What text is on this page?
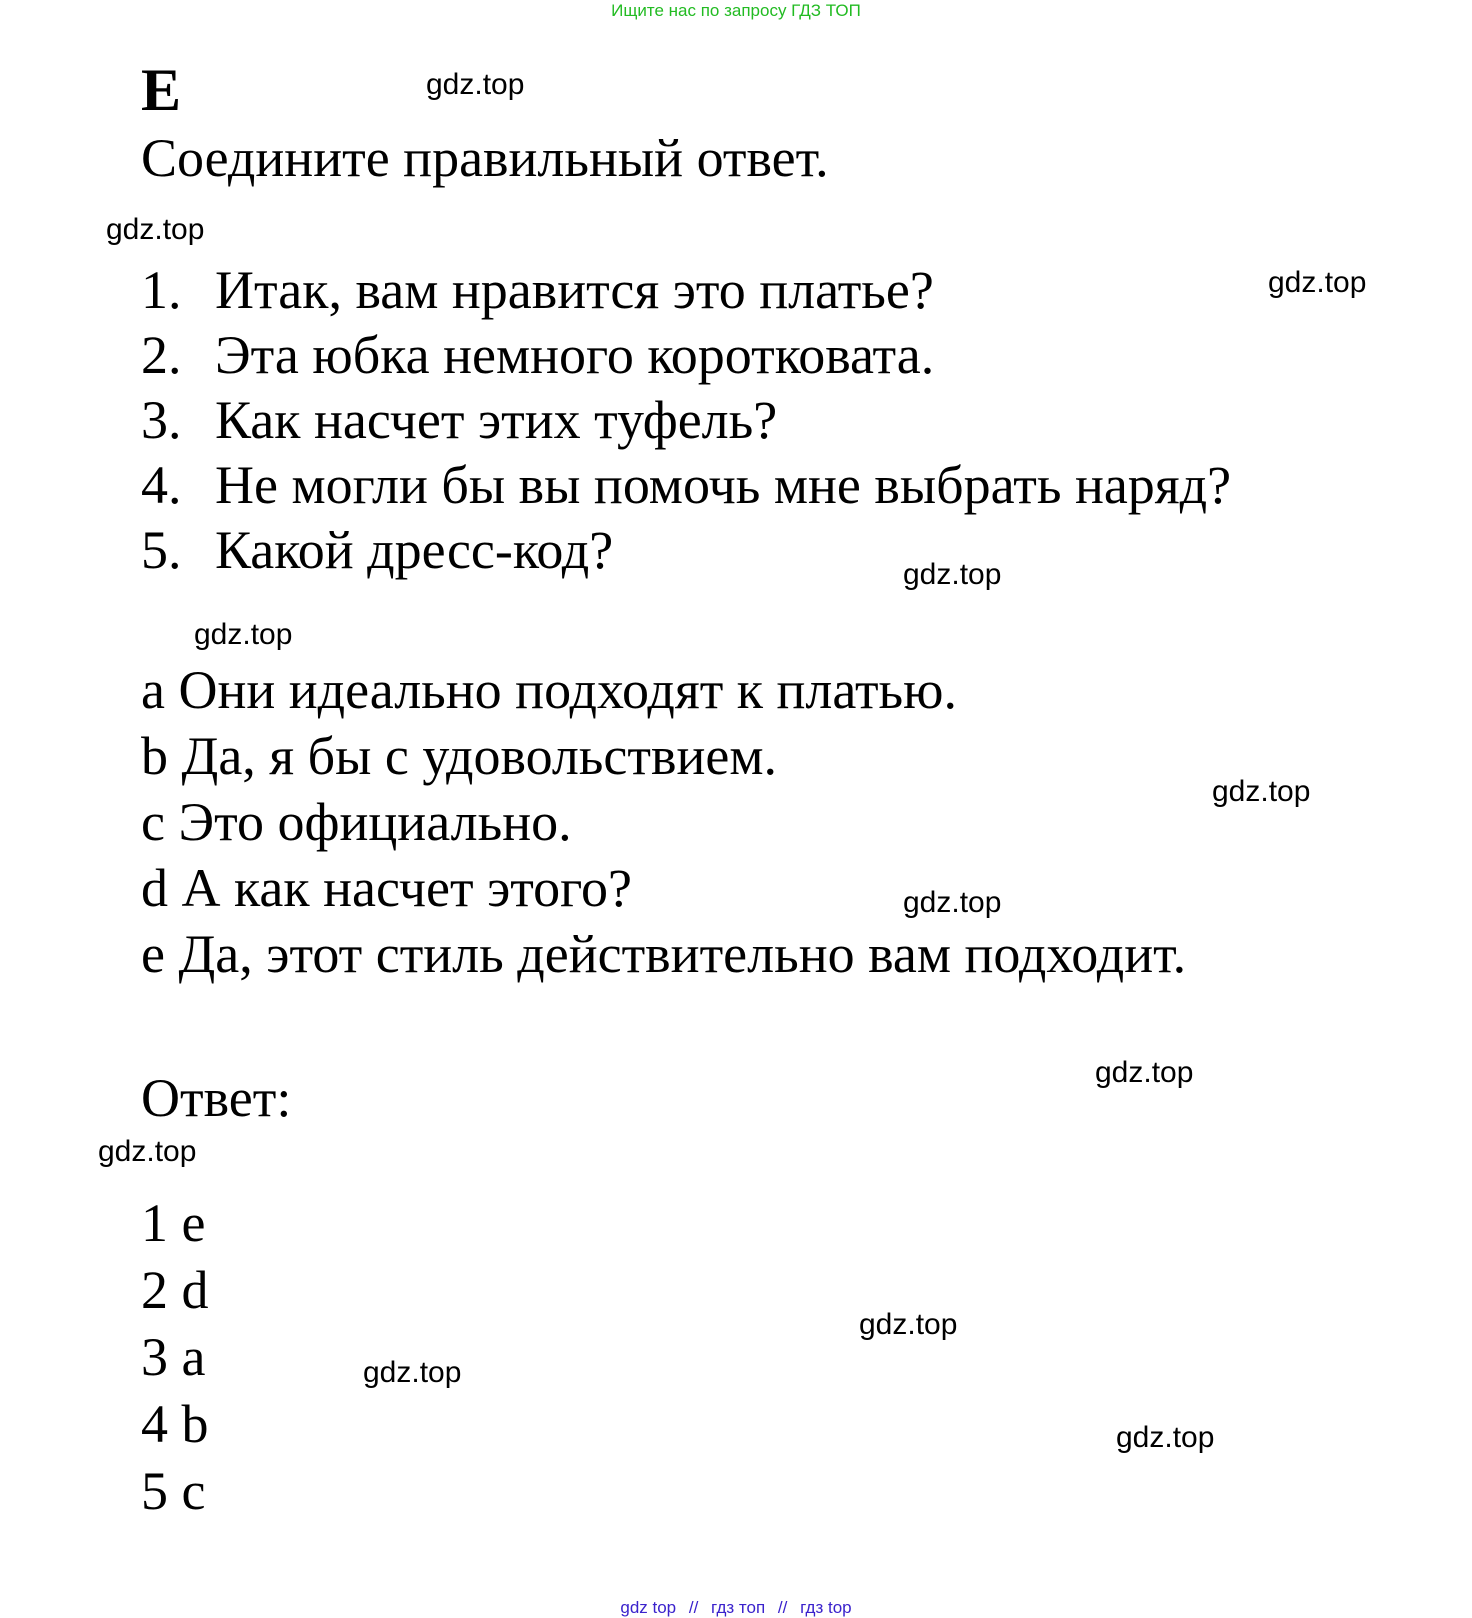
Ищите нас по запросу ГДЗ ТОП
E
Соедините правильный ответ.
1. Итак, вам нравится это платье?
2. Эта юбка немного коротковата.
3. Как насчет этих туфель?
4. Не могли бы вы помочь мне выбрать наряд?
5. Какой дресс-код?
a Они идеально подходят к платью.
b Да, я бы с удовольствием.
c Это официально.
d А как насчет этого?
e Да, этот стиль действительно вам подходит.
Ответ:
1 e
2 d
3 a
4 b
5 c
gdz.top
gdz.top
gdz.top
gdz.top
gdz.top
gdz.top
gdz.top
gdz.top
gdz.top
gdz.top
gdz.top
gdz.top
gdz top // гдз топ // гдз top
